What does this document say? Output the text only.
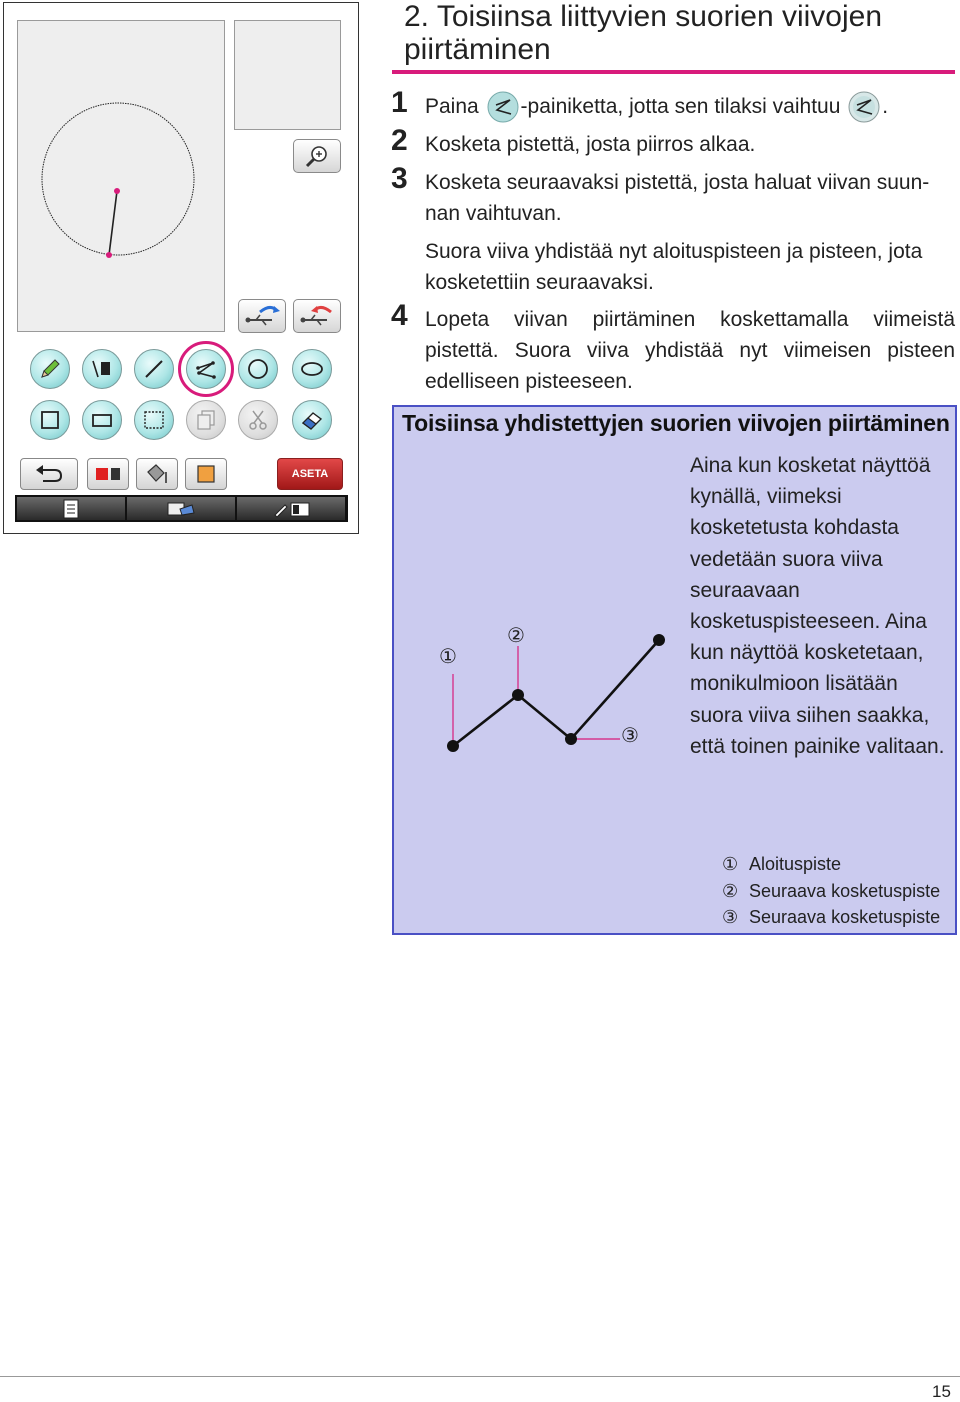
ASETA
2. Toisiinsa liittyvien suorien viivojen piirtäminen
1 Paina -painiketta, jotta sen tilaksi vaihtuu .
2 Kosketa pistettä, josta piirros alkaa.
3 Kosketa seuraavaksi pistettä, josta haluat viivan suun-
nan vaihtuvan.
Suora viiva yhdistää nyt aloituspisteen ja pisteen, jota kosketettiin seuraavaksi.
4 Lopeta viivan piirtäminen koskettamalla viimeistä pistettä. Suora viiva yhdistää nyt viimeisen pisteen edelliseen pisteeseen.
Toisiinsa yhdistettyjen suorien viivojen piirtäminen
①
②
③
Aina kun kosketat näyttöä kynällä, viimeksi kosketetusta kohdasta vedetään suora viiva seuraavaan kosketuspisteeseen. Aina kun näyttöä kosketetaan, monikulmioon lisätään suora viiva siihen saakka, että toinen painike valitaan.
① Aloituspiste
② Seuraava kosketuspiste
③ Seuraava kosketuspiste
15
